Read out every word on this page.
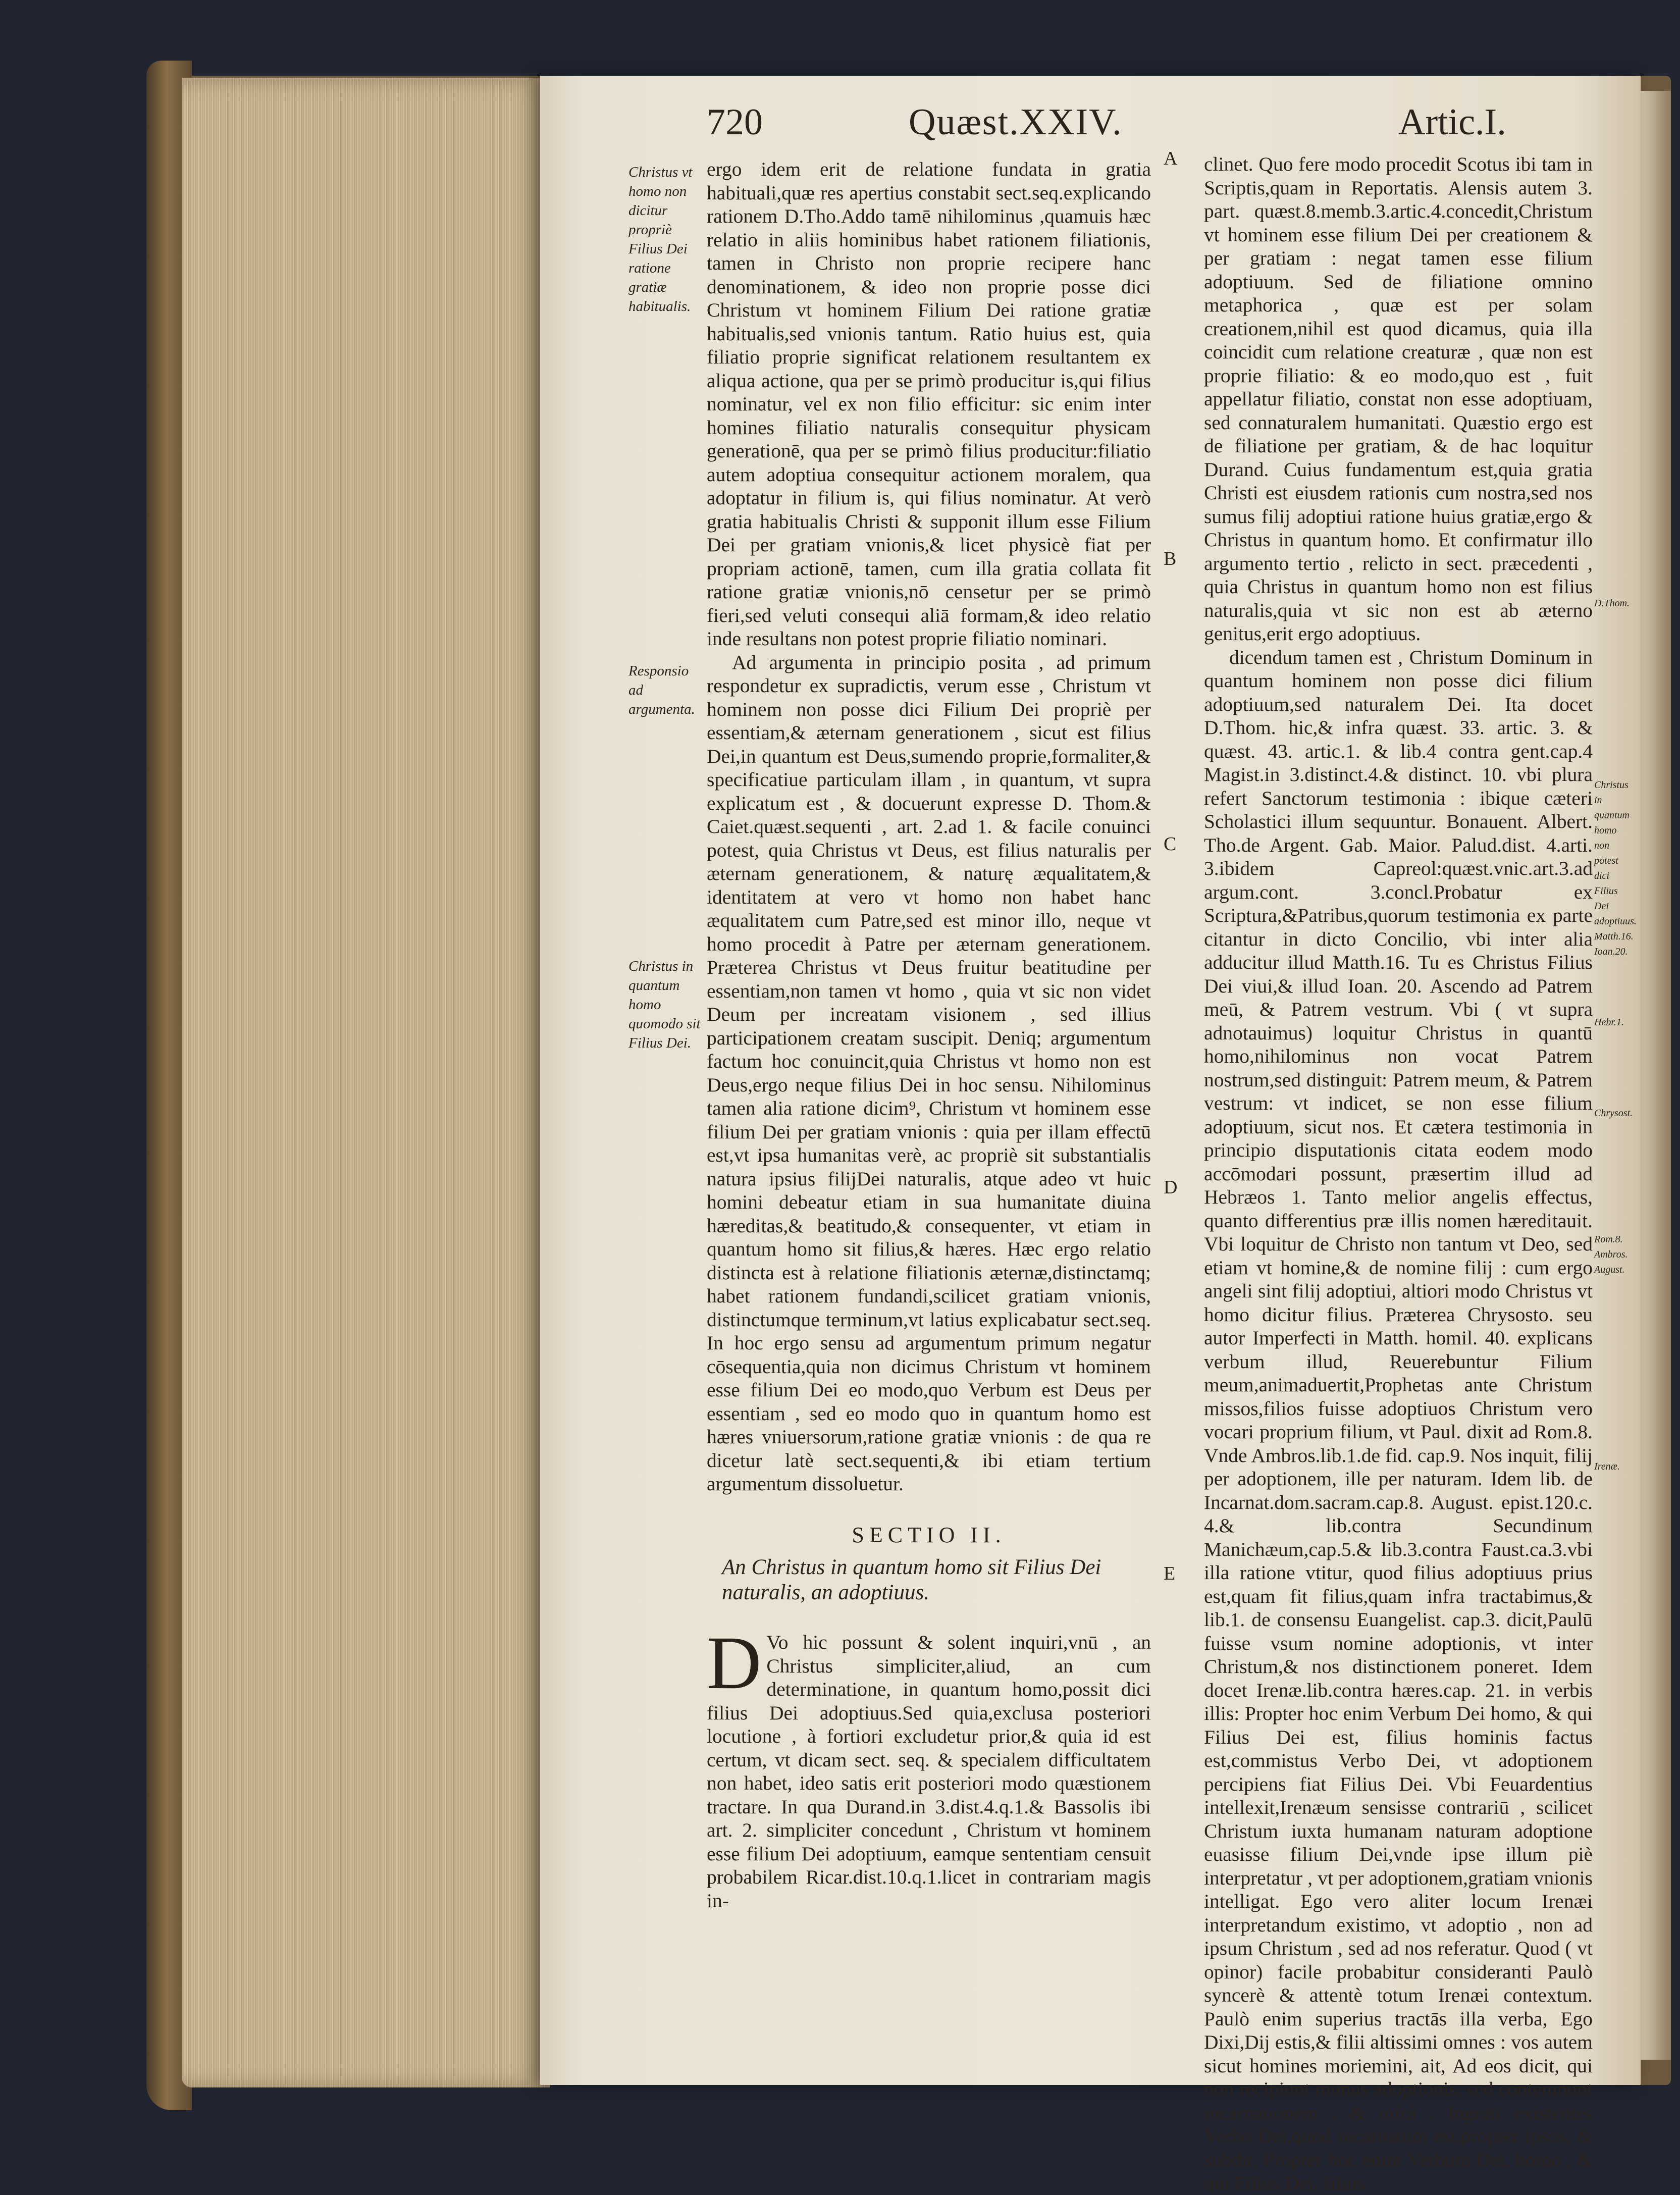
720	Quæst.XXIV.	Artic.I.
Christus vt homo non dicitur propriè Filius Dei ratione gratiæ habitualis.
Responsio ad argumenta.
Christus in quantum homo quomodo sit Filius Dei.
A
B
C
D
E

ergo idem erit de relatione fundata in gratia habituali,quæ res apertius constabit sect.seq.explicando rationem D.Tho.Addo tamē nihilominus ,quamuis hæc relatio in aliis hominibus habet rationem filiationis, tamen in Christo non proprie recipere hanc denominationem, & ideo non proprie posse dici Christum vt hominem Filium Dei ratione gratiæ habitualis,sed vnionis tantum. Ratio huius est, quia filiatio proprie significat relationem resultantem ex aliqua actione, qua per se primò producitur is,qui filius nominatur, vel ex non filio efficitur: sic enim inter homines filiatio naturalis consequitur physicam generationē, qua per se primò filius producitur:filiatio autem adoptiua consequitur actionem moralem, qua adoptatur in filium is, qui filius nominatur. At verò gratia habitualis Christi & supponit illum esse Filium Dei per gratiam vnionis,& licet physicè fiat per propriam actionē, tamen, cum illa gratia collata fit ratione gratiæ vnionis,nō censetur per se primò fieri,sed veluti consequi aliā formam,& ideo relatio inde resultans non potest proprie filiatio nominari.

Ad argumenta in principio posita , ad primum respondetur ex supradictis, verum esse , Christum vt hominem non posse dici Filium Dei propriè per essentiam,& æternam generationem , sicut est filius Dei,in quantum est Deus,sumendo proprie,formaliter,& specificatiue particulam illam , in quantum, vt supra explicatum est , & docuerunt expresse D. Thom.& Caiet.quæst.sequenti , art. 2.ad 1. & facile conuinci potest, quia Christus vt Deus, est filius naturalis per æternam generationem, & naturę æqualitatem,& identitatem at vero vt homo non habet hanc æqualitatem cum Patre,sed est minor illo, neque vt homo procedit à Patre per æternam generationem. Præterea Christus vt Deus fruitur beatitudine per essentiam,non tamen vt homo , quia vt sic non videt Deum per increatam visionem , sed illius participationem creatam suscipit. Deniq; argumentum factum hoc conuincit,quia Christus vt homo non est Deus,ergo neque filius Dei in hoc sensu. Nihilominus tamen alia ratione dicim⁹, Christum vt hominem esse filium Dei per gratiam vnionis : quia per illam effectū est,vt ipsa humanitas verè, ac propriè sit substantialis natura ipsius filijDei naturalis, atque adeo vt huic homini debeatur etiam in sua humanitate diuina hæreditas,& beatitudo,& consequenter, vt etiam in quantum homo sit filius,& hæres. Hæc ergo relatio distincta est à relatione filiationis æternæ,distinctamq; habet rationem fundandi,scilicet gratiam vnionis, distinctumque terminum,vt latius explicabatur sect.seq. In hoc ergo sensu ad argumentum primum negatur cōsequentia,quia non dicimus Christum vt hominem esse filium Dei eo modo,quo Verbum est Deus per essentiam , sed eo modo quo in quantum homo est hæres vniuersorum,ratione gratiæ vnionis : de qua re dicetur latè sect.sequenti,& ibi etiam tertium argumentum dissoluetur.

SECTIO II.
An Christus in quantum homo sit Filius Dei naturalis, an adoptiuus.
D Vo hic possunt & solent inquiri,vnū , an Christus simpliciter,aliud, an cum determinatione, in quantum homo,possit dici filius Dei adoptiuus.Sed quia,exclusa posteriori locutione , à fortiori excludetur prior,& quia id est certum, vt dicam sect. seq. & specialem difficultatem non habet, ideo satis erit posteriori modo quæstionem tractare. In qua Durand.in 3.dist.4.q.1.& Bassolis ibi art. 2. simpliciter concedunt , Christum vt hominem esse filium Dei adoptiuum, eamque sententiam censuit probabilem Ricar.dist.10.q.1.licet in contrariam magis in-

clinet. Quo fere modo procedit Scotus ibi tam in Scriptis,quam in Reportatis. Alensis autem 3. part. quæst.8.memb.3.artic.4.concedit,Christum vt hominem esse filium Dei per creationem & per gratiam : negat tamen esse filium adoptiuum. Sed de filiatione omnino metaphorica , quæ est per solam creationem,nihil est quod dicamus, quia illa coincidit cum relatione creaturæ , quæ non est proprie filiatio: & eo modo,quo est , fuit appellatur filiatio, constat non esse adoptiuam, sed connaturalem humanitati. Quæstio ergo est de filiatione per gratiam, & de hac loquitur Durand. Cuius fundamentum est,quia gratia Christi est eiusdem rationis cum nostra,sed nos sumus filij adoptiui ratione huius gratiæ,ergo & Christus in quantum homo. Et confirmatur illo argumento tertio , relicto in sect. præcedenti , quia Christus in quantum homo non est filius naturalis,quia vt sic non est ab æterno genitus,erit ergo adoptiuus.

dicendum tamen est , Christum Dominum in quantum hominem non posse dici filium adoptiuum,sed naturalem Dei. Ita docet D.Thom. hic,& infra quæst. 33. artic. 3. & quæst. 43. artic.1. & lib.4 contra gent.cap.4 Magist.in 3.distinct.4.& distinct. 10. vbi plura refert Sanctorum testimonia : ibique cæteri Scholastici illum sequuntur. Bonauent. Albert. Tho.de Argent. Gab. Maior. Palud.dist. 4.arti. 3.ibidem Capreol:quæst.vnic.art.3.ad argum.cont. 3.concl.Probatur ex Scriptura,&Patribus,quorum testimonia ex parte citantur in dicto Concilio, vbi inter alia adducitur illud Matth.16. Tu es Christus Filius Dei viui,& illud Ioan. 20. Ascendo ad Patrem meū, & Patrem vestrum. Vbi ( vt supra adnotauimus) loquitur Christus in quantū homo,nihilominus non vocat Patrem nostrum,sed distinguit: Patrem meum, & Patrem vestrum: vt indicet, se non esse filium adoptiuum, sicut nos. Et cætera testimonia in principio disputationis citata eodem modo accōmodari possunt, præsertim illud ad Hebræos 1. Tanto melior angelis effectus, quanto differentius præ illis nomen hæreditauit. Vbi loquitur de Christo non tantum vt Deo, sed etiam vt homine,& de nomine filij : cum ergo angeli sint filij adoptiui, altiori modo Christus vt homo dicitur filius. Præterea Chrysosto. seu autor Imperfecti in Matth. homil. 40. explicans verbum illud, Reuerebuntur Filium meum,animaduertit,Prophetas ante Christum missos,filios fuisse adoptiuos Christum vero vocari proprium filium, vt Paul. dixit ad Rom.8. Vnde Ambros.lib.1.de fid. cap.9. Nos inquit, filij per adoptionem, ille per naturam. Idem lib. de Incarnat.dom.sacram.cap.8. August. epist.120.c. 4.& lib.contra Secundinum Manichæum,cap.5.& lib.3.contra Faust.ca.3.vbi illa ratione vtitur, quod filius adoptiuus prius est,quam fit filius,quam infra tractabimus,& lib.1. de consensu Euangelist. cap.3. dicit,Paulū fuisse vsum nomine adoptionis, vt inter Christum,& nos distinctionem poneret. Idem docet Irenæ.lib.contra hæres.cap. 21. in verbis illis: Propter hoc enim Verbum Dei homo, & qui Filius Dei est, filius hominis factus est,commistus Verbo Dei, vt adoptionem percipiens fiat Filius Dei. Vbi Feuardentius intellexit,Irenæum sensisse contrariū , scilicet Christum iuxta humanam naturam adoptione euasisse filium Dei,vnde ipse illum piè interpretatur , vt per adoptionem,gratiam vnionis intelligat. Ego vero aliter locum Irenæi interpretandum existimo, vt adoptio , non ad ipsum Christum , sed ad nos referatur. Quod ( vt opinor) facile probabitur consideranti Paulò syncerè & attentè totum Irenæi contextum. Paulò enim superius tractās illa verba, Ego Dixi,Dij estis,& filii altissimi omnes : vos autem sicut homines moriemini, ait, Ad eos dicit, qui non recipiunt munus adoptionis, sed contemnunt incarnationem , & infrà , Ingrati existentes Verbo Dei,quod incarnatum est,propter ipsos, & subdit, Propter hoc enim Verbum Dei, homo , & qui Filius Dei, filius

D.Thom.
Christus in quantum homo non potest dici Filius Dei adoptiuus. Matth.16. Ioan.20.
Hebr.1.
Chrysost.
Rom.8. Ambros. August.
Irenæ.
